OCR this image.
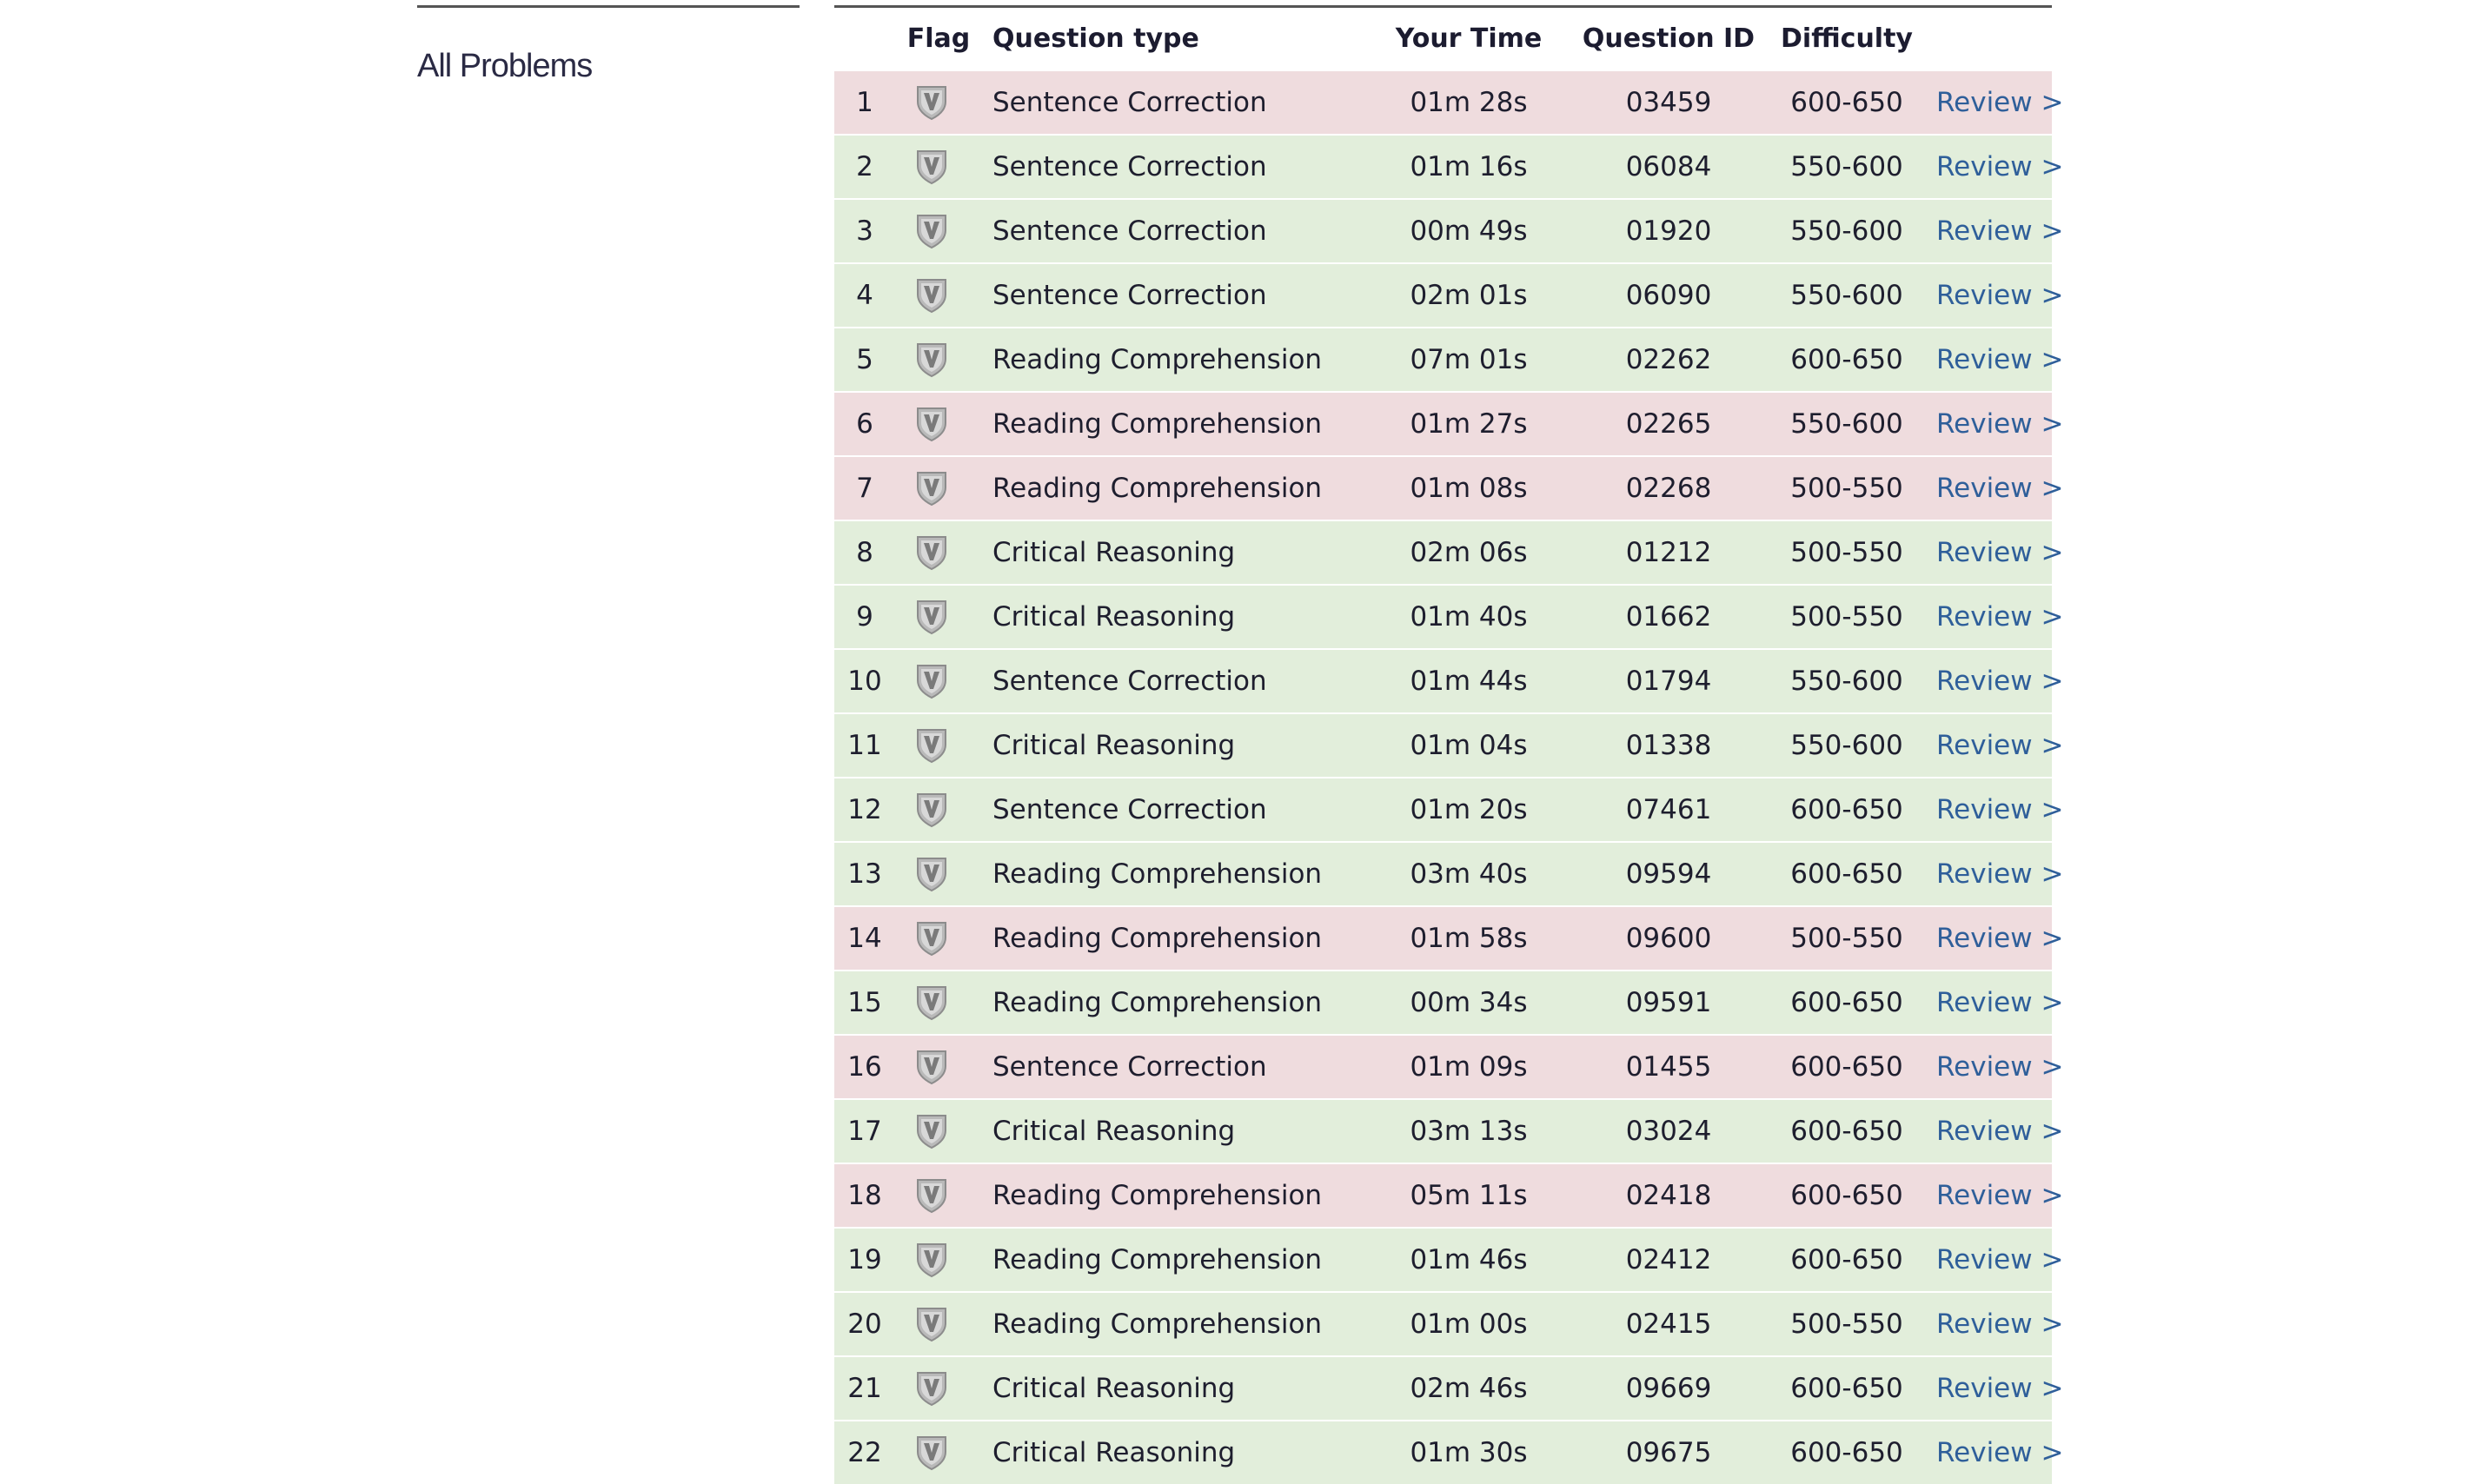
All Problems
	Flag	Question type	Your Time	Question ID	Difficulty	
1		Sentence Correction	01m 28s	03459	600-650	Review >
2		Sentence Correction	01m 16s	06084	550-600	Review >
3		Sentence Correction	00m 49s	01920	550-600	Review >
4		Sentence Correction	02m 01s	06090	550-600	Review >
5		Reading Comprehension	07m 01s	02262	600-650	Review >
6		Reading Comprehension	01m 27s	02265	550-600	Review >
7		Reading Comprehension	01m 08s	02268	500-550	Review >
8		Critical Reasoning	02m 06s	01212	500-550	Review >
9		Critical Reasoning	01m 40s	01662	500-550	Review >
10		Sentence Correction	01m 44s	01794	550-600	Review >
11		Critical Reasoning	01m 04s	01338	550-600	Review >
12		Sentence Correction	01m 20s	07461	600-650	Review >
13		Reading Comprehension	03m 40s	09594	600-650	Review >
14		Reading Comprehension	01m 58s	09600	500-550	Review >
15		Reading Comprehension	00m 34s	09591	600-650	Review >
16		Sentence Correction	01m 09s	01455	600-650	Review >
17		Critical Reasoning	03m 13s	03024	600-650	Review >
18		Reading Comprehension	05m 11s	02418	600-650	Review >
19		Reading Comprehension	01m 46s	02412	600-650	Review >
20		Reading Comprehension	01m 00s	02415	500-550	Review >
21		Critical Reasoning	02m 46s	09669	600-650	Review >
22		Critical Reasoning	01m 30s	09675	600-650	Review >
